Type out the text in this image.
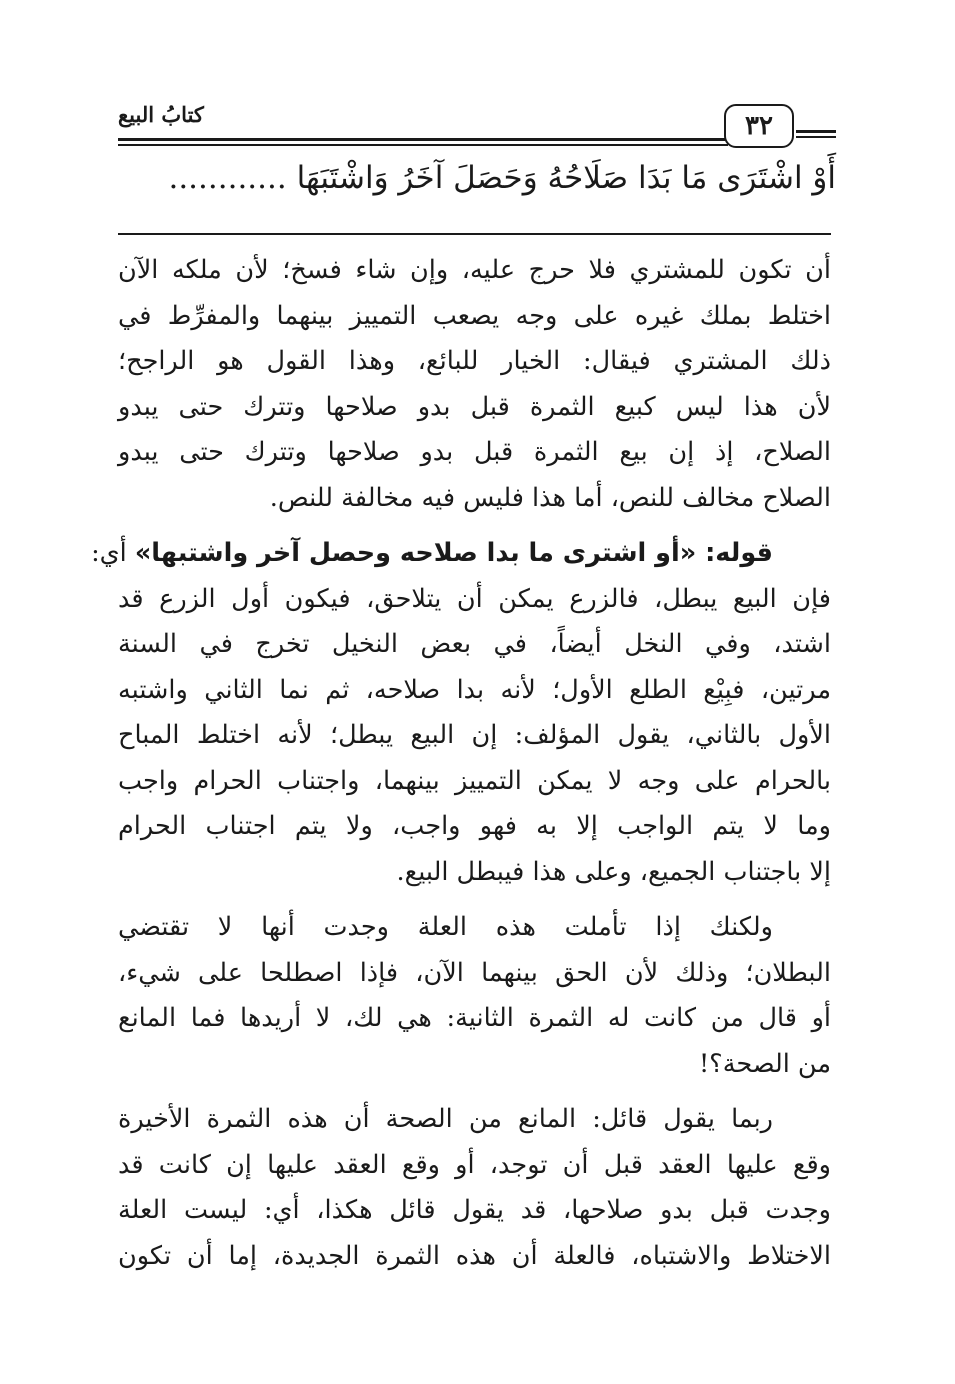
٣٢
كتابُ البيع
أَوْ اشْتَرَى مَا بَدَا صَلَاحُهُ وَحَصَلَ آخَرُ وَاشْتَبَهَا ............
أن تكون للمشتري فلا حرج عليه، وإن شاء فسخ؛ لأن ملكه الآن
اختلط بملك غيره على وجه يصعب التمييز بينهما والمفرِّط في
ذلك المشتري فيقال: الخيار للبائع، وهذا القول هو الراجح؛
لأن هذا ليس كبيع الثمرة قبل بدو صلاحها وتترك حتى يبدو
الصلاح، إذ إن بيع الثمرة قبل بدو صلاحها وتترك حتى يبدو
الصلاح مخالف للنص، أما هذا فليس فيه مخالفة للنص.
قوله: «أو اشترى ما بدا صلاحه وحصل آخر واشتبها» أي:
فإن البيع يبطل، فالزرع يمكن أن يتلاحق، فيكون أول الزرع قد
اشتد، وفي النخل أيضاً، في بعض النخيل تخرج في السنة
مرتين، فبِيْع الطلع الأول؛ لأنه بدا صلاحه، ثم نما الثاني واشتبه
الأول بالثاني، يقول المؤلف: إن البيع يبطل؛ لأنه اختلط المباح
بالحرام على وجه لا يمكن التمييز بينهما، واجتناب الحرام واجب
وما لا يتم الواجب إلا به فهو واجب، ولا يتم اجتناب الحرام
إلا باجتناب الجميع، وعلى هذا فيبطل البيع.
ولكنك إذا تأملت هذه العلة وجدت أنها لا تقتضي
البطلان؛ وذلك لأن الحق بينهما الآن، فإذا اصطلحا على شيء،
أو قال من كانت له الثمرة الثانية: هي لك، لا أريدها فما المانع
من الصحة؟!
ربما يقول قائل: المانع من الصحة أن هذه الثمرة الأخيرة
وقع عليها العقد قبل أن توجد، أو وقع العقد عليها إن كانت قد
وجدت قبل بدو صلاحها، قد يقول قائل هكذا، أي: ليست العلة
الاختلاط والاشتباه، فالعلة أن هذه الثمرة الجديدة، إما أن تكون
